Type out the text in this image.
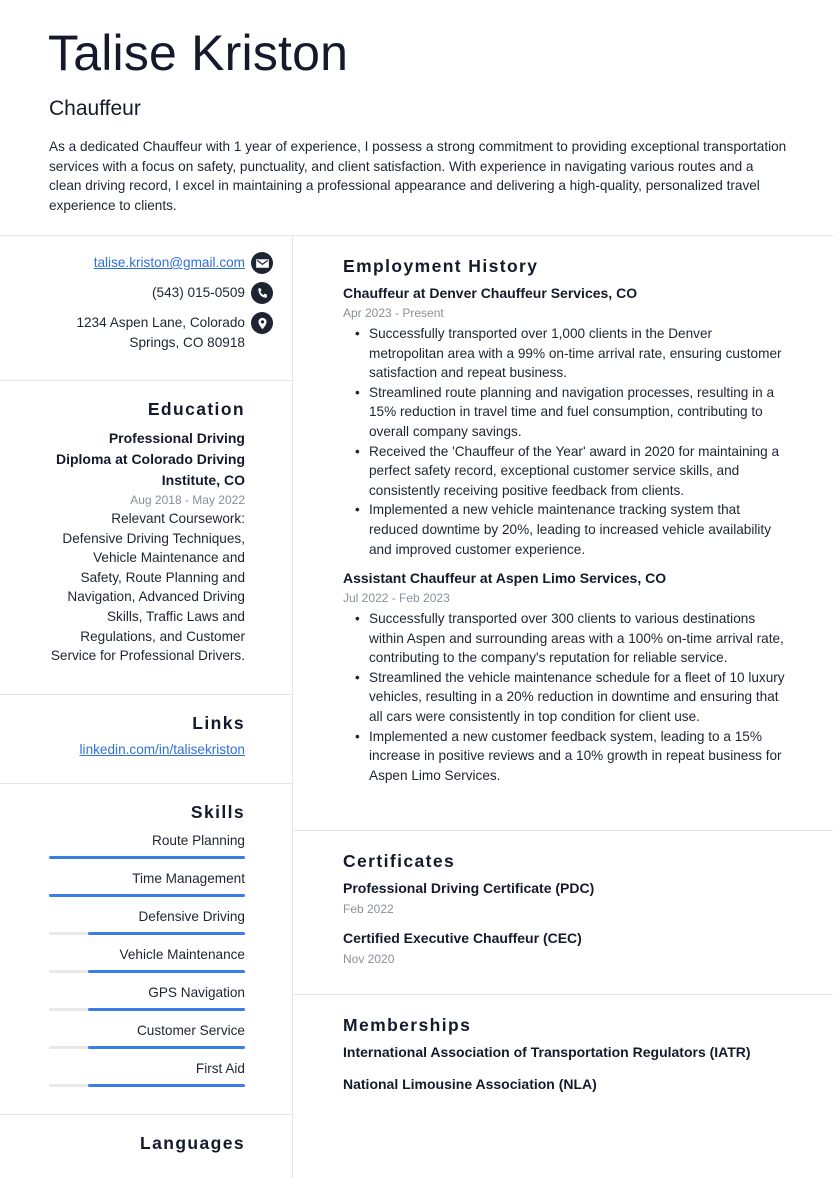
Talise Kriston
Chauffeur
As a dedicated Chauffeur with 1 year of experience, I possess a strong commitment to providing exceptional transportation services with a focus on safety, punctuality, and client satisfaction. With experience in navigating various routes and a clean driving record, I excel in maintaining a professional appearance and delivering a high-quality, personalized travel experience to clients.
talise.kriston@gmail.com
(543) 015-0509
1234 Aspen Lane, Colorado
Springs, CO 80918
Education
Professional Driving
Diploma at Colorado Driving
Institute, CO
Aug 2018 - May 2022
Relevant Coursework:
Defensive Driving Techniques,
Vehicle Maintenance and
Safety, Route Planning and
Navigation, Advanced Driving
Skills, Traffic Laws and
Regulations, and Customer
Service for Professional Drivers.
Links
linkedin.com/in/talisekriston
Skills
Route Planning
Time Management
Defensive Driving
Vehicle Maintenance
GPS Navigation
Customer Service
First Aid
Languages
Employment History
Chauffeur at Denver Chauffeur Services, CO
Apr 2023 - Present
• Successfully transported over 1,000 clients in the Denver metropolitan area with a 99% on-time arrival rate, ensuring customer satisfaction and repeat business.
• Streamlined route planning and navigation processes, resulting in a 15% reduction in travel time and fuel consumption, contributing to overall company savings.
• Received the 'Chauffeur of the Year' award in 2020 for maintaining a perfect safety record, exceptional customer service skills, and consistently receiving positive feedback from clients.
• Implemented a new vehicle maintenance tracking system that reduced downtime by 20%, leading to increased vehicle availability and improved customer experience.
Assistant Chauffeur at Aspen Limo Services, CO
Jul 2022 - Feb 2023
• Successfully transported over 300 clients to various destinations within Aspen and surrounding areas with a 100% on-time arrival rate, contributing to the company's reputation for reliable service.
• Streamlined the vehicle maintenance schedule for a fleet of 10 luxury vehicles, resulting in a 20% reduction in downtime and ensuring that all cars were consistently in top condition for client use.
• Implemented a new customer feedback system, leading to a 15% increase in positive reviews and a 10% growth in repeat business for Aspen Limo Services.
Certificates
Professional Driving Certificate (PDC)
Feb 2022
Certified Executive Chauffeur (CEC)
Nov 2020
Memberships
International Association of Transportation Regulators (IATR)
National Limousine Association (NLA)
